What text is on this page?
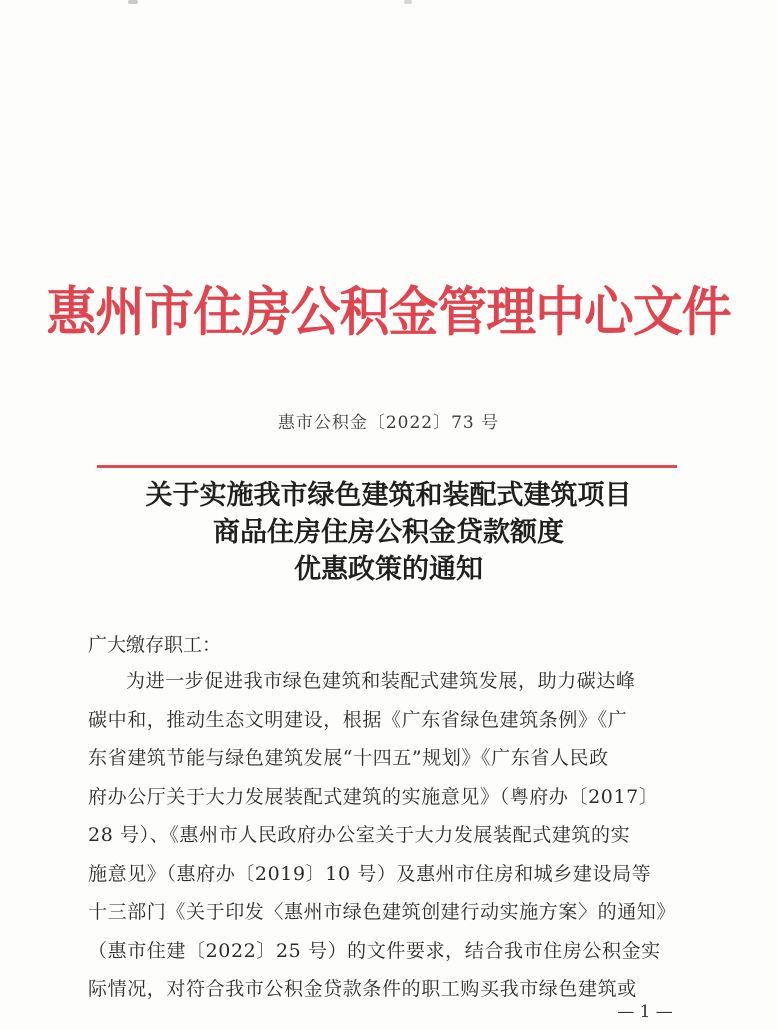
惠州市住房公积金管理中心文件
惠市公积金〔2022〕73 号
关于实施我市绿色建筑和装配式建筑项目
商品住房住房公积金贷款额度
优惠政策的通知
广大缴存职工：
为进一步促进我市绿色建筑和装配式建筑发展，助力碳达峰
碳中和，推动生态文明建设，根据《广东省绿色建筑条例》《广
东省建筑节能与绿色建筑发展“十四五”规划》《广东省人民政
府办公厅关于大力发展装配式建筑的实施意见》（粤府办〔2017〕
28 号）、《惠州市人民政府办公室关于大力发展装配式建筑的实
施意见》（惠府办〔2019〕10 号）及惠州市住房和城乡建设局等
十三部门《关于印发〈惠州市绿色建筑创建行动实施方案〉的通知》
（惠市住建〔2022〕25 号）的文件要求，结合我市住房公积金实
际情况，对符合我市公积金贷款条件的职工购买我市绿色建筑或
— 1 —
